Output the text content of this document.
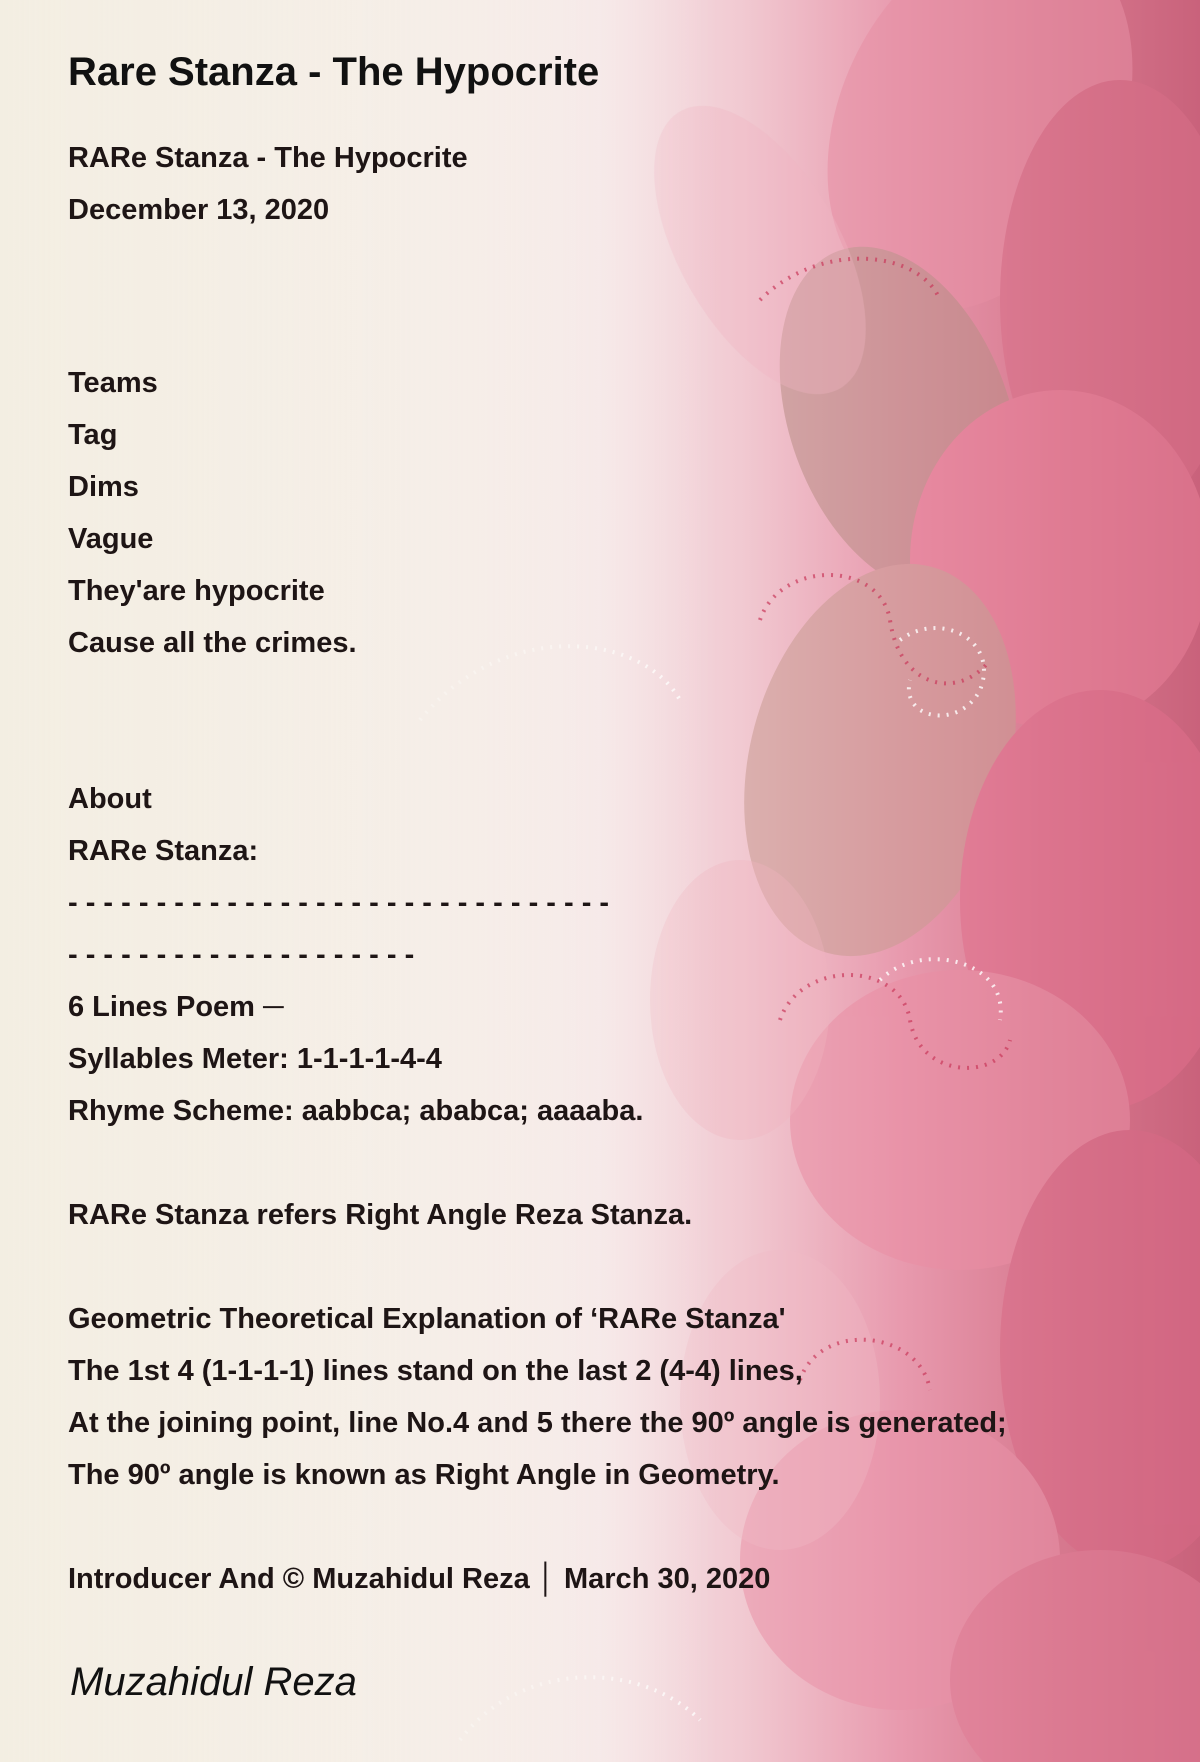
Rare Stanza - The Hypocrite
RARe Stanza - The Hypocrite
December 13, 2020
Teams
Tag
Dims
Vague
They'are hypocrite
Cause all the crimes.
About
RARe Stanza:
- - - - - - - - - - - - - - - - - - - - - - - - - - - - - - -
- - - - - - - - - - - - - - - - - - - -
6 Lines Poem ─
Syllables Meter: 1-1-1-1-4-4
Rhyme Scheme: aabbca; ababca; aaaaba.
RARe Stanza refers Right Angle Reza Stanza.
Geometric Theoretical Explanation of ‘RARe Stanza'
The 1st 4 (1-1-1-1) lines stand on the last 2 (4-4) lines,
At the joining point, line No.4 and 5 there the 90º angle is generated;
The 90º angle is known as Right Angle in Geometry.
Introducer And © Muzahidul Reza │ March 30, 2020
Muzahidul Reza
